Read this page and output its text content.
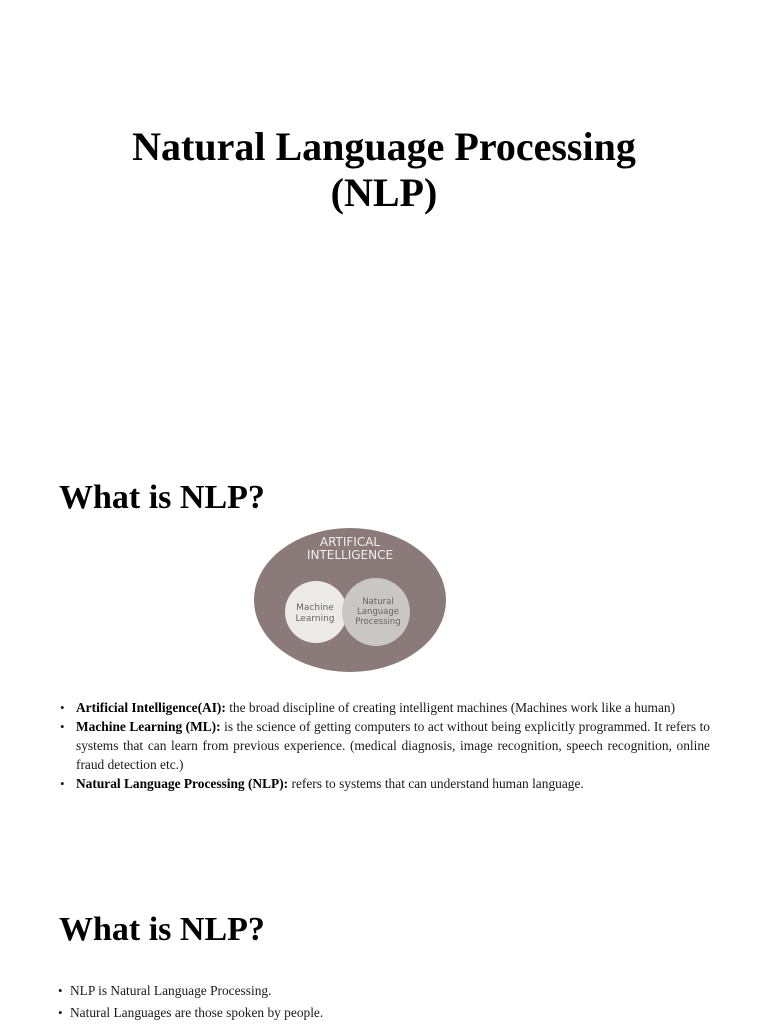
Natural Language Processing
(NLP)
What is NLP?
ARTIFICAL
INTELLIGENCE
Machine
Learning
Natural
Language
Processing
• Artificial Intelligence(AI): the broad discipline of creating intelligent machines (Machines work like a human)
• Machine Learning (ML): is the science of getting computers to act without being explicitly programmed. It refers to systems that can learn from previous experience. (medical diagnosis, image recognition, speech recognition, online fraud detection etc.)
• Natural Language Processing (NLP): refers to systems that can understand human language.
What is NLP?
• NLP is Natural Language Processing.
• Natural Languages are those spoken by people.
